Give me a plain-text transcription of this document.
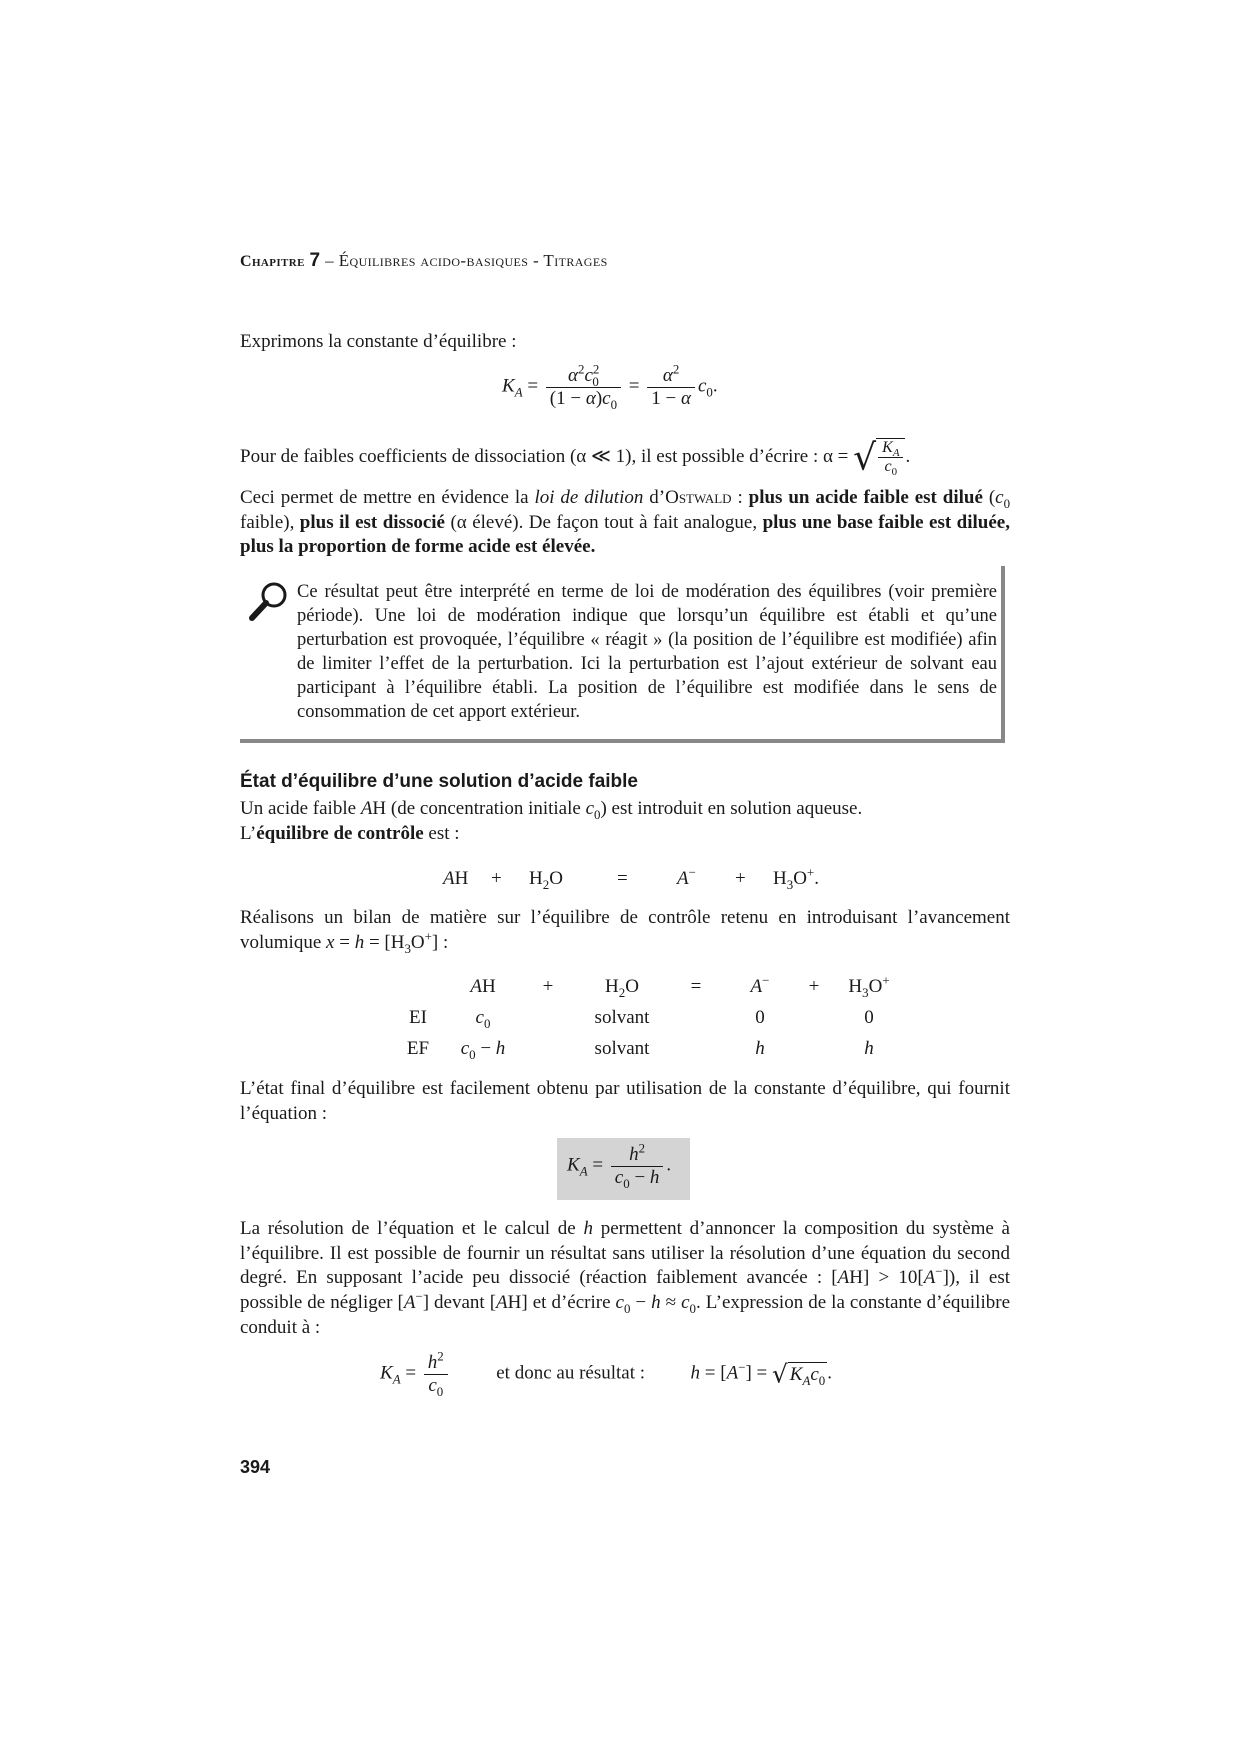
Chapitre 7 – Équilibres acido-basiques - Titrages
Exprimons la constante d’équilibre :
$K_A = \frac{\alpha^2c^2_0}{(1 - \alpha)c_0} = \frac{\alpha^2}{1 - \alpha} c_0$.
Pour de faibles coefficients de dissociation (α ≪ 1), il est possible d’écrire : α = √ $\frac{K_A}{c_0}$ .
Ceci permet de mettre en évidence la loi de dilution d’Ostwald : plus un acide faible est dilué ($c_0$ faible), plus il est dissocié (α élevé). De façon tout à fait analogue, plus une base faible est diluée, plus la proportion de forme acide est élevée.
Ce résultat peut être interprété en terme de loi de modération des équilibres (voir première période). Une loi de modération indique que lorsqu’un équilibre est établi et qu’une perturbation est provoquée, l’équilibre « réagit » (la position de l’équilibre est modifiée) afin de limiter l’effet de la perturbation. Ici la perturbation est l’ajout extérieur de solvant eau participant à l’équilibre établi. La position de l’équilibre est modifiée dans le sens de consommation de cet apport extérieur.
État d’équilibre d’une solution d’acide faible
Un acide faible AH (de concentration initiale $c_0$) est introduit en solution aqueuse.
L’équilibre de contrôle est :
AH + $H_2O$	=	$A^- + H_3O^+$.
Réalisons un bilan de matière sur l’équilibre de contrôle retenu en introduisant l’avancement volumique $x = h = [H_3O^+]$ :
	AH	+	$H_2O$	=	A−	+	$H_3O^+$
EI	$c_0$		solvant		0		0
EF	$c_0 - h$		solvant		h		h
L’état final d’équilibre est facilement obtenu par utilisation de la constante d’équilibre, qui fournit l’équation :
$K_A = \frac{h^2}{c_0 - h}$ .
La résolution de l’équation et le calcul de h permettent d’annoncer la composition du système à l’équilibre. Il est possible de fournir un résultat sans utiliser la résolution d’une équation du second degré. En supposant l’acide peu dissocié (réaction faiblement avancée : [AH] > 10[A−]), il est possible de négliger [A−] devant [AH] et d’écrire $c_0 - h \approx c_0$. L’expression de la constante d’équilibre conduit à :
$K_A = \frac{h^2}{c_0}$	et donc au résultat : h = [A−] = √ $K_Ac_0$ .
394
